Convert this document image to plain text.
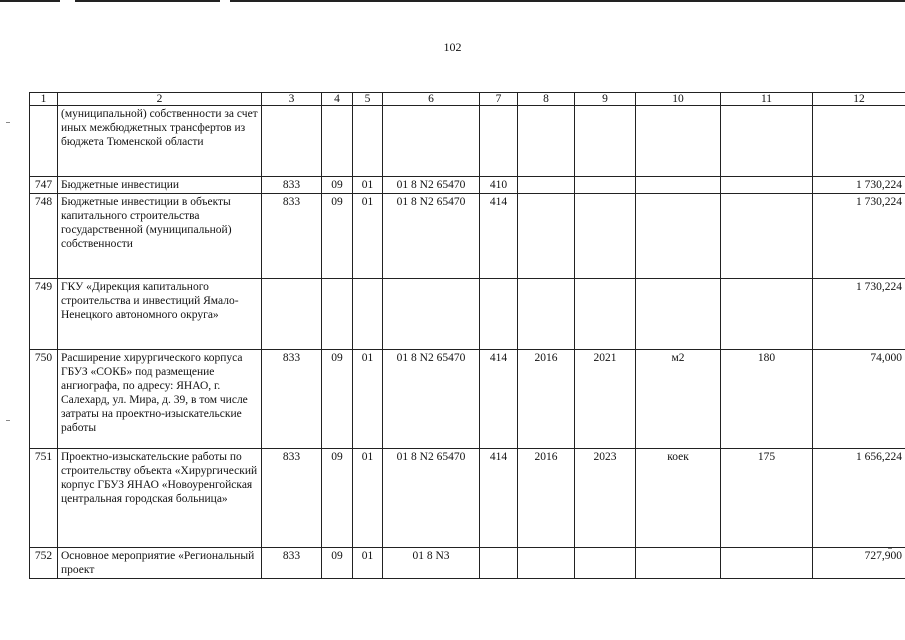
102
1	2	3	4	5	6	7	8	9	10	11	12
	(муниципальной) собственности за счет иных межбюджетных трансфертов из бюджета Тюменской области										
747	Бюджетные инвестиции	833	09	01	01 8 N2 65470	410					1 730,224
748	Бюджетные инвестиции в объекты капитального строительства государственной (муниципальной) собственности	833	09	01	01 8 N2 65470	414					1 730,224
749	ГКУ «Дирекция капитального строительства и инвестиций Ямало-Ненецкого автономного округа»										1 730,224
750	Расширение хирургического корпуса ГБУЗ «СОКБ» под размещение ангиографа, по адресу: ЯНАО, г. Салехард, ул. Мира, д. 39, в том числе затраты на проектно-изыскательские работы	833	09	01	01 8 N2 65470	414	2016	2021	м2	180	74,000
751	Проектно-изыскательские работы по строительству объекта «Хирургический корпус ГБУЗ ЯНАО «Новоуренгойская центральная городская больница»	833	09	01	01 8 N2 65470	414	2016	2023	коек	175	1 656,224
752	Основное мероприятие «Региональный проект	833	09	01	01 8 N3						727,900
